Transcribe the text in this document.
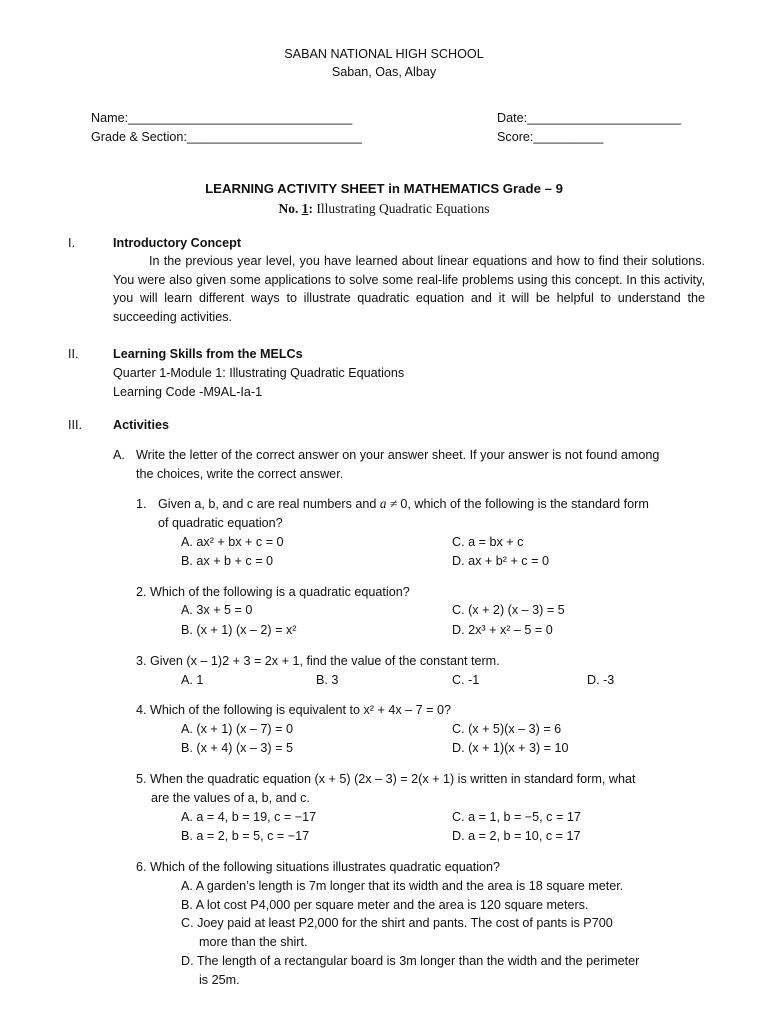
SABAN NATIONAL HIGH SCHOOL
Saban, Oas, Albay
Name:________________________________	Date:______________________
Grade & Section:_________________________	Score:__________
LEARNING ACTIVITY SHEET in MATHEMATICS Grade – 9
No. 1: Illustrating Quadratic Equations
I.	Introductory Concept
In the previous year level, you have learned about linear equations and how to find their solutions. You were also given some applications to solve some real-life problems using this concept. In this activity, you will learn different ways to illustrate quadratic equation and it will be helpful to understand the succeeding activities.
II.	Learning Skills from the MELCs
Quarter 1-Module 1: Illustrating Quadratic Equations
Learning Code -M9AL-Ia-1
III. Activities
A. Write the letter of the correct answer on your answer sheet. If your answer is not found among the choices, write the correct answer.
1. Given a, b, and c are real numbers and a ≠ 0, which of the following is the standard form
of quadratic equation?
A. ax² + bx + c = 0	C. a = bx + c
B. ax + b + c = 0	D. ax + b² + c = 0
2. Which of the following is a quadratic equation?
A. 3x + 5 = 0	C. (x + 2) (x – 3) = 5
B. (x + 1) (x – 2) = x²	D. 2x³ + x² – 5 = 0
3. Given (x – 1)2 + 3 = 2x + 1, find the value of the constant term.
A. 1	B. 3	C. -1	D. -3
4. Which of the following is equivalent to x² + 4x – 7 = 0?
A. (x + 1) (x – 7) = 0	C. (x + 5)(x – 3) = 6
B. (x + 4) (x – 3) = 5	D. (x + 1)(x + 3) = 10
5. When the quadratic equation (x + 5) (2x – 3) = 2(x + 1) is written in standard form, what
are the values of a, b, and c.
A. a = 4, b = 19, c = −17	C. a = 1, b = −5, c = 17
B. a = 2, b = 5, c = −17	D. a = 2, b = 10, c = 17
6. Which of the following situations illustrates quadratic equation?
A. A garden’s length is 7m longer that its width and the area is 18 square meter.
B. A lot cost P4,000 per square meter and the area is 120 square meters.
C. Joey paid at least P2,000 for the shirt and pants. The cost of pants is P700
more than the shirt.
D. The length of a rectangular board is 3m longer than the width and the perimeter
is 25m.
